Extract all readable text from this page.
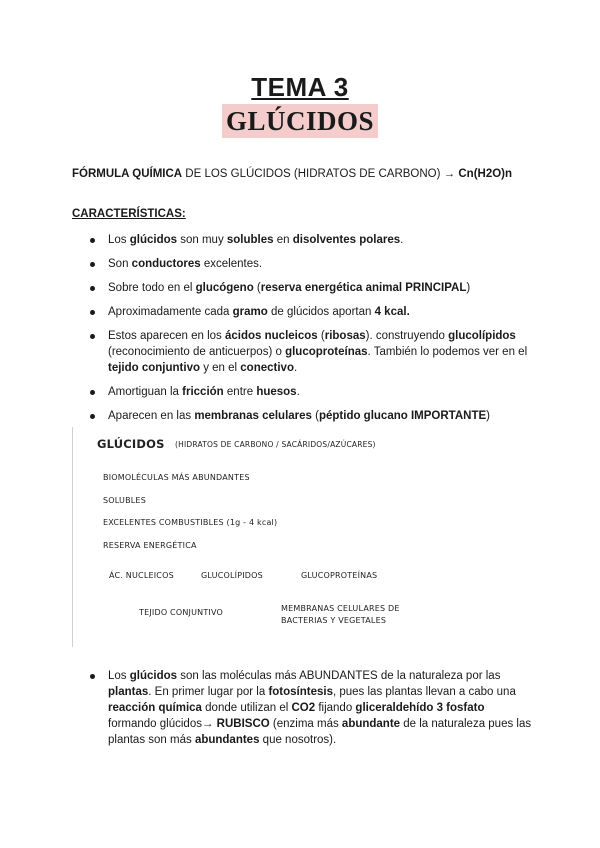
TEMA 3
GLÚCIDOS
FÓRMULA QUÍMICA DE LOS GLÚCIDOS (HIDRATOS DE CARBONO) → Cn(H2O)n
CARACTERÍSTICAS:
Los glúcidos son muy solubles en disolventes polares.
Son conductores excelentes.
Sobre todo en el glucógeno (reserva energética animal PRINCIPAL)
Aproximadamente cada gramo de glúcidos aportan 4 kcal.
Estos aparecen en los ácidos nucleicos (ribosas). construyendo glucolípidos (reconocimiento de anticuerpos) o glucoproteínas. También lo podemos ver en el tejido conjuntivo y en el conectivo.
Amortiguan la fricción entre huesos.
Aparecen en las membranas celulares (péptido glucano IMPORTANTE)
GLÚCIDOS (HIDRATOS DE CARBONO / SACÁRIDOS/AZÚCARES)
BIOMOLÉCULAS MÁS ABUNDANTES
SOLUBLES
EXCELENTES COMBUSTIBLES (1g - 4 kcal)
RESERVA ENERGÉTICA
ÁC. NUCLEICOS	GLUCOLÍPIDOS	GLUCOPROTEÍNAS
TEJIDO CONJUNTIVO	MEMBRANAS CELULARES DE
BACTERIAS Y VEGETALES
Los glúcidos son las moléculas más ABUNDANTES de la naturaleza por las plantas. En primer lugar por la fotosíntesis, pues las plantas llevan a cabo una reacción química donde utilizan el CO2 fijando gliceraldehído 3 fosfato formando glúcidos→ RUBISCO (enzima más abundante de la naturaleza pues las plantas son más abundantes que nosotros).
